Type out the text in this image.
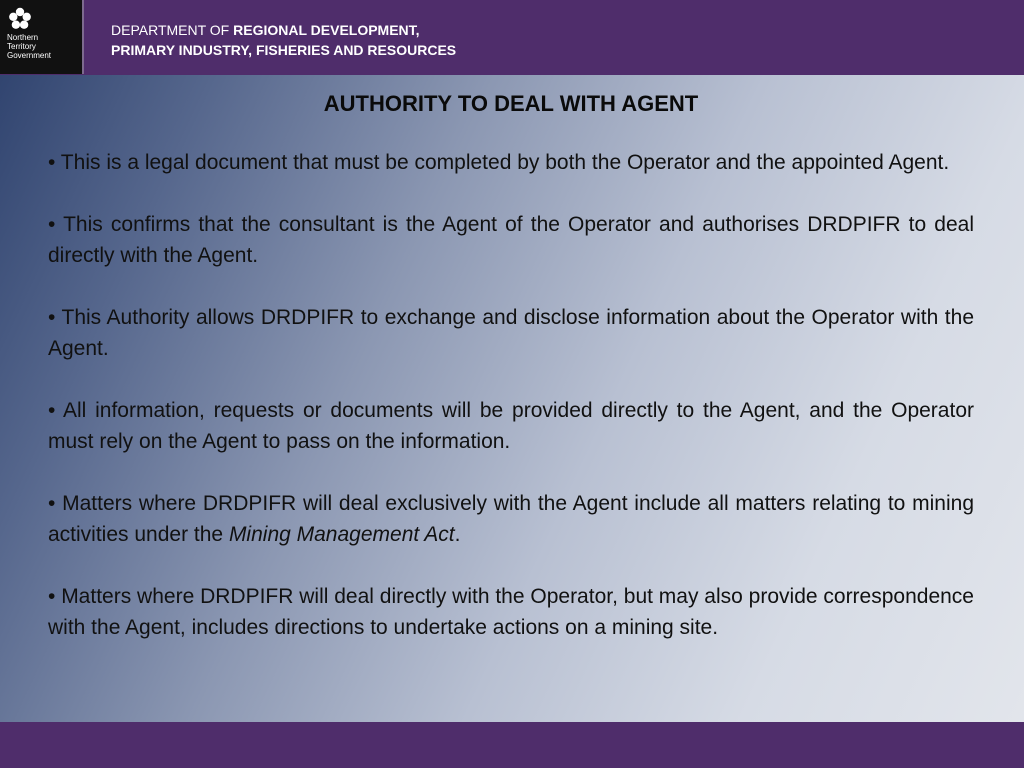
Northern
Territory
Government
DEPARTMENT OF REGIONAL DEVELOPMENT,
PRIMARY INDUSTRY, FISHERIES AND RESOURCES
AUTHORITY TO DEAL WITH AGENT

• This is a legal document that must be completed by both the Operator and the appointed Agent.

• This confirms that the consultant is the Agent of the Operator and authorises DRDPIFR to deal directly with the Agent.

• This Authority allows DRDPIFR to exchange and disclose information about the Operator with the Agent.

• All information, requests or documents will be provided directly to the Agent, and the Operator must rely on the Agent to pass on the information.

• Matters where DRDPIFR will deal exclusively with the Agent include all matters relating to mining activities under the Mining Management Act.

• Matters where DRDPIFR will deal directly with the Operator, but may also provide correspondence with the Agent, includes directions to undertake actions on a mining site.
